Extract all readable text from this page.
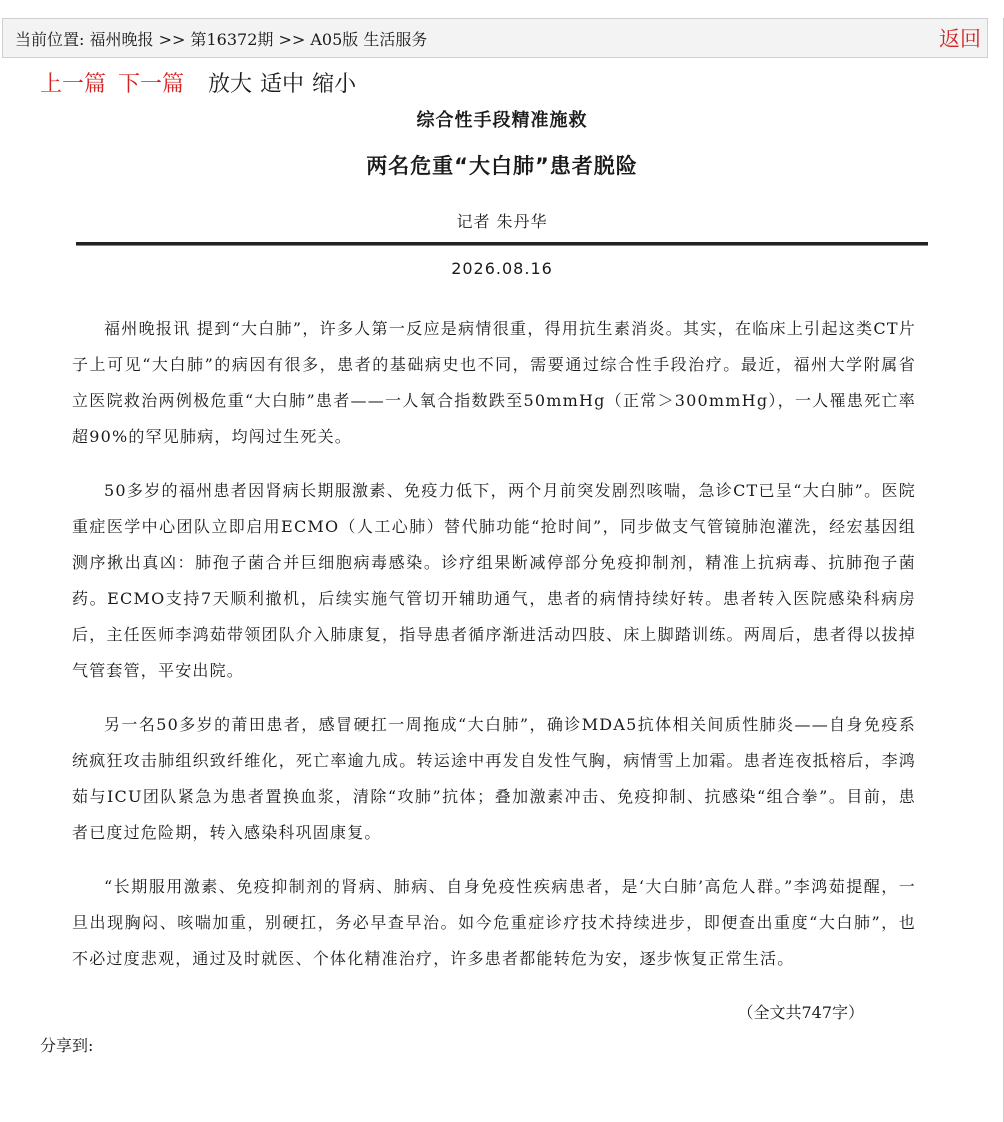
当前位置: 福州晚报 >> 第16372期 >> A05版 生活服务	返回
上一篇 下一篇 放大 适中 缩小
综合性手段精准施救
两名危重“大白肺”患者脱险
记者 朱丹华
2026.08.16

福州晚报讯 提到“大白肺”，许多人第一反应是病情很重，得用抗生素消炎。其实，在临床上引起这类CT片子上可见“大白肺”的病因有很多，患者的基础病史也不同，需要通过综合性手段治疗。最近，福州大学附属省立医院救治两例极危重“大白肺”患者——一人氧合指数跌至50mmHg（正常＞300mmHg），一人罹患死亡率超90%的罕见肺病，均闯过生死关。

50多岁的福州患者因肾病长期服激素、免疫力低下，两个月前突发剧烈咳喘，急诊CT已呈“大白肺”。医院重症医学中心团队立即启用ECMO（人工心肺）替代肺功能“抢时间”，同步做支气管镜肺泡灌洗，经宏基因组测序揪出真凶：肺孢子菌合并巨细胞病毒感染。诊疗组果断减停部分免疫抑制剂，精准上抗病毒、抗肺孢子菌药。ECMO支持7天顺利撤机，后续实施气管切开辅助通气，患者的病情持续好转。患者转入医院感染科病房后，主任医师李鸿茹带领团队介入肺康复，指导患者循序渐进活动四肢、床上脚踏训练。两周后，患者得以拔掉气管套管，平安出院。

另一名50多岁的莆田患者，感冒硬扛一周拖成“大白肺”，确诊MDA5抗体相关间质性肺炎——自身免疫系统疯狂攻击肺组织致纤维化，死亡率逾九成。转运途中再发自发性气胸，病情雪上加霜。患者连夜抵榕后，李鸿茹与ICU团队紧急为患者置换血浆，清除“攻肺”抗体；叠加激素冲击、免疫抑制、抗感染“组合拳”。目前，患者已度过危险期，转入感染科巩固康复。

“长期服用激素、免疫抑制剂的肾病、肺病、自身免疫性疾病患者，是‘大白肺’高危人群。”李鸿茹提醒，一旦出现胸闷、咳喘加重，别硬扛，务必早查早治。如今危重症诊疗技术持续进步，即便查出重度“大白肺”，也不必过度悲观，通过及时就医、个体化精准治疗，许多患者都能转危为安，逐步恢复正常生活。

（全文共747字）
分享到:
